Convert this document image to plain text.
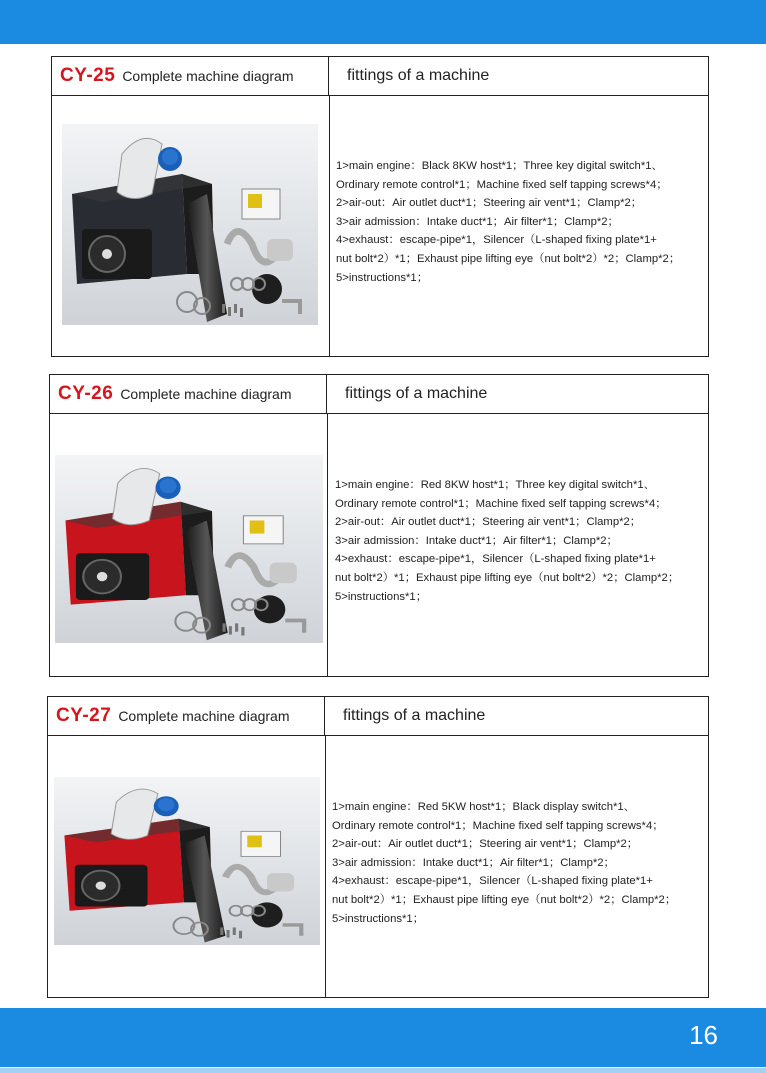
CY-25 Complete machine diagram	fittings of a machine
1>main engine：Black 8KW host*1；Three key digital switch*1、
Ordinary remote control*1；Machine fixed self tapping screws*4；
2>air-out：Air outlet duct*1；Steering air vent*1；Clamp*2；
3>air admission：Intake duct*1；Air filter*1；Clamp*2；
4>exhaust：escape-pipe*1，Silencer（L-shaped fixing plate*1+
nut bolt*2）*1；Exhaust pipe lifting eye（nut bolt*2）*2；Clamp*2；
5>instructions*1；
CY-26 Complete machine diagram	fittings of a machine
1>main engine：Red 8KW host*1；Three key digital switch*1、
Ordinary remote control*1；Machine fixed self tapping screws*4；
2>air-out：Air outlet duct*1；Steering air vent*1；Clamp*2；
3>air admission：Intake duct*1；Air filter*1；Clamp*2；
4>exhaust：escape-pipe*1，Silencer（L-shaped fixing plate*1+
nut bolt*2）*1；Exhaust pipe lifting eye（nut bolt*2）*2；Clamp*2；
5>instructions*1；
CY-27 Complete machine diagram	fittings of a machine
1>main engine：Red 5KW host*1；Black display switch*1、
Ordinary remote control*1；Machine fixed self tapping screws*4；
2>air-out：Air outlet duct*1；Steering air vent*1；Clamp*2；
3>air admission：Intake duct*1；Air filter*1；Clamp*2；
4>exhaust：escape-pipe*1，Silencer（L-shaped fixing plate*1+
nut bolt*2）*1；Exhaust pipe lifting eye（nut bolt*2）*2；Clamp*2；
5>instructions*1；
16
